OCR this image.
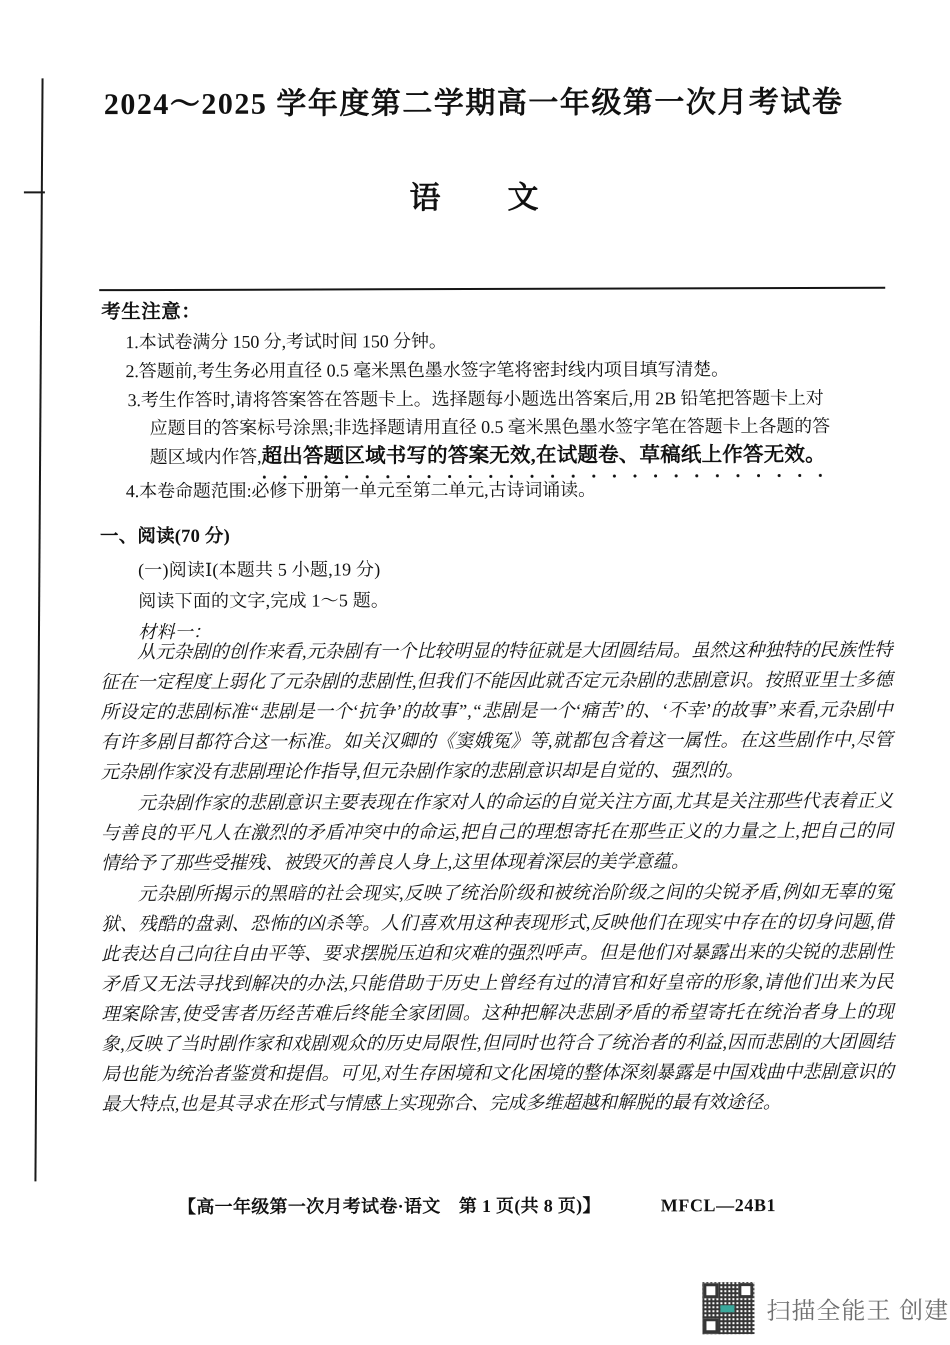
2024～2025 学年度第二学期高一年级第一次月考试卷
语　文
考生注意：
1.本试卷满分 150 分,考试时间 150 分钟。
2.答题前,考生务必用直径 0.5 毫米黑色墨水签字笔将密封线内项目填写清楚。
3.考生作答时,请将答案答在答题卡上。选择题每小题选出答案后,用 2B 铅笔把答题卡上对
应题目的答案标号涂黑;非选择题请用直径 0.5 毫米黑色墨水签字笔在答题卡上各题的答
题区域内作答,超出答题区域书写的答案无效,在试题卷、草稿纸上作答无效。
4.本卷命题范围:必修下册第一单元至第二单元,古诗词诵读。
一、阅读(70 分)
(一)阅读Ⅰ(本题共 5 小题,19 分)
阅读下面的文字,完成 1～5 题。
材料一：

从元杂剧的创作来看,元杂剧有一个比较明显的特征就是大团圆结局。虽然这种独特的民族性特征在一定程度上弱化了元杂剧的悲剧性,但我们不能因此就否定元杂剧的悲剧意识。按照亚里士多德所设定的悲剧标准“悲剧是一个‘抗争’的故事”,“悲剧是一个‘痛苦’的、‘不幸’的故事”来看,元杂剧中有许多剧目都符合这一标准。如关汉卿的《窦娥冤》等,就都包含着这一属性。在这些剧作中,尽管元杂剧作家没有悲剧理论作指导,但元杂剧作家的悲剧意识却是自觉的、强烈的。

元杂剧作家的悲剧意识主要表现在作家对人的命运的自觉关注方面,尤其是关注那些代表着正义与善良的平凡人在激烈的矛盾冲突中的命运,把自己的理想寄托在那些正义的力量之上,把自己的同情给予了那些受摧残、被毁灭的善良人身上,这里体现着深层的美学意蕴。

元杂剧所揭示的黑暗的社会现实,反映了统治阶级和被统治阶级之间的尖锐矛盾,例如无辜的冤狱、残酷的盘剥、恐怖的凶杀等。人们喜欢用这种表现形式,反映他们在现实中存在的切身问题,借此表达自己向往自由平等、要求摆脱压迫和灾难的强烈呼声。但是他们对暴露出来的尖锐的悲剧性矛盾又无法寻找到解决的办法,只能借助于历史上曾经有过的清官和好皇帝的形象,请他们出来为民理案除害,使受害者历经苦难后终能全家团圆。这种把解决悲剧矛盾的希望寄托在统治者身上的现象,反映了当时剧作家和戏剧观众的历史局限性,但同时也符合了统治者的利益,因而悲剧的大团圆结局也能为统治者鉴赏和提倡。可见,对生存困境和文化困境的整体深刻暴露是中国戏曲中悲剧意识的最大特点,也是其寻求在形式与情感上实现弥合、完成多维超越和解脱的最有效途径。

【高一年级第一次月考试卷·语文　第 1 页(共 8 页)】	MFCL—24B1
扫描全能王 创建
